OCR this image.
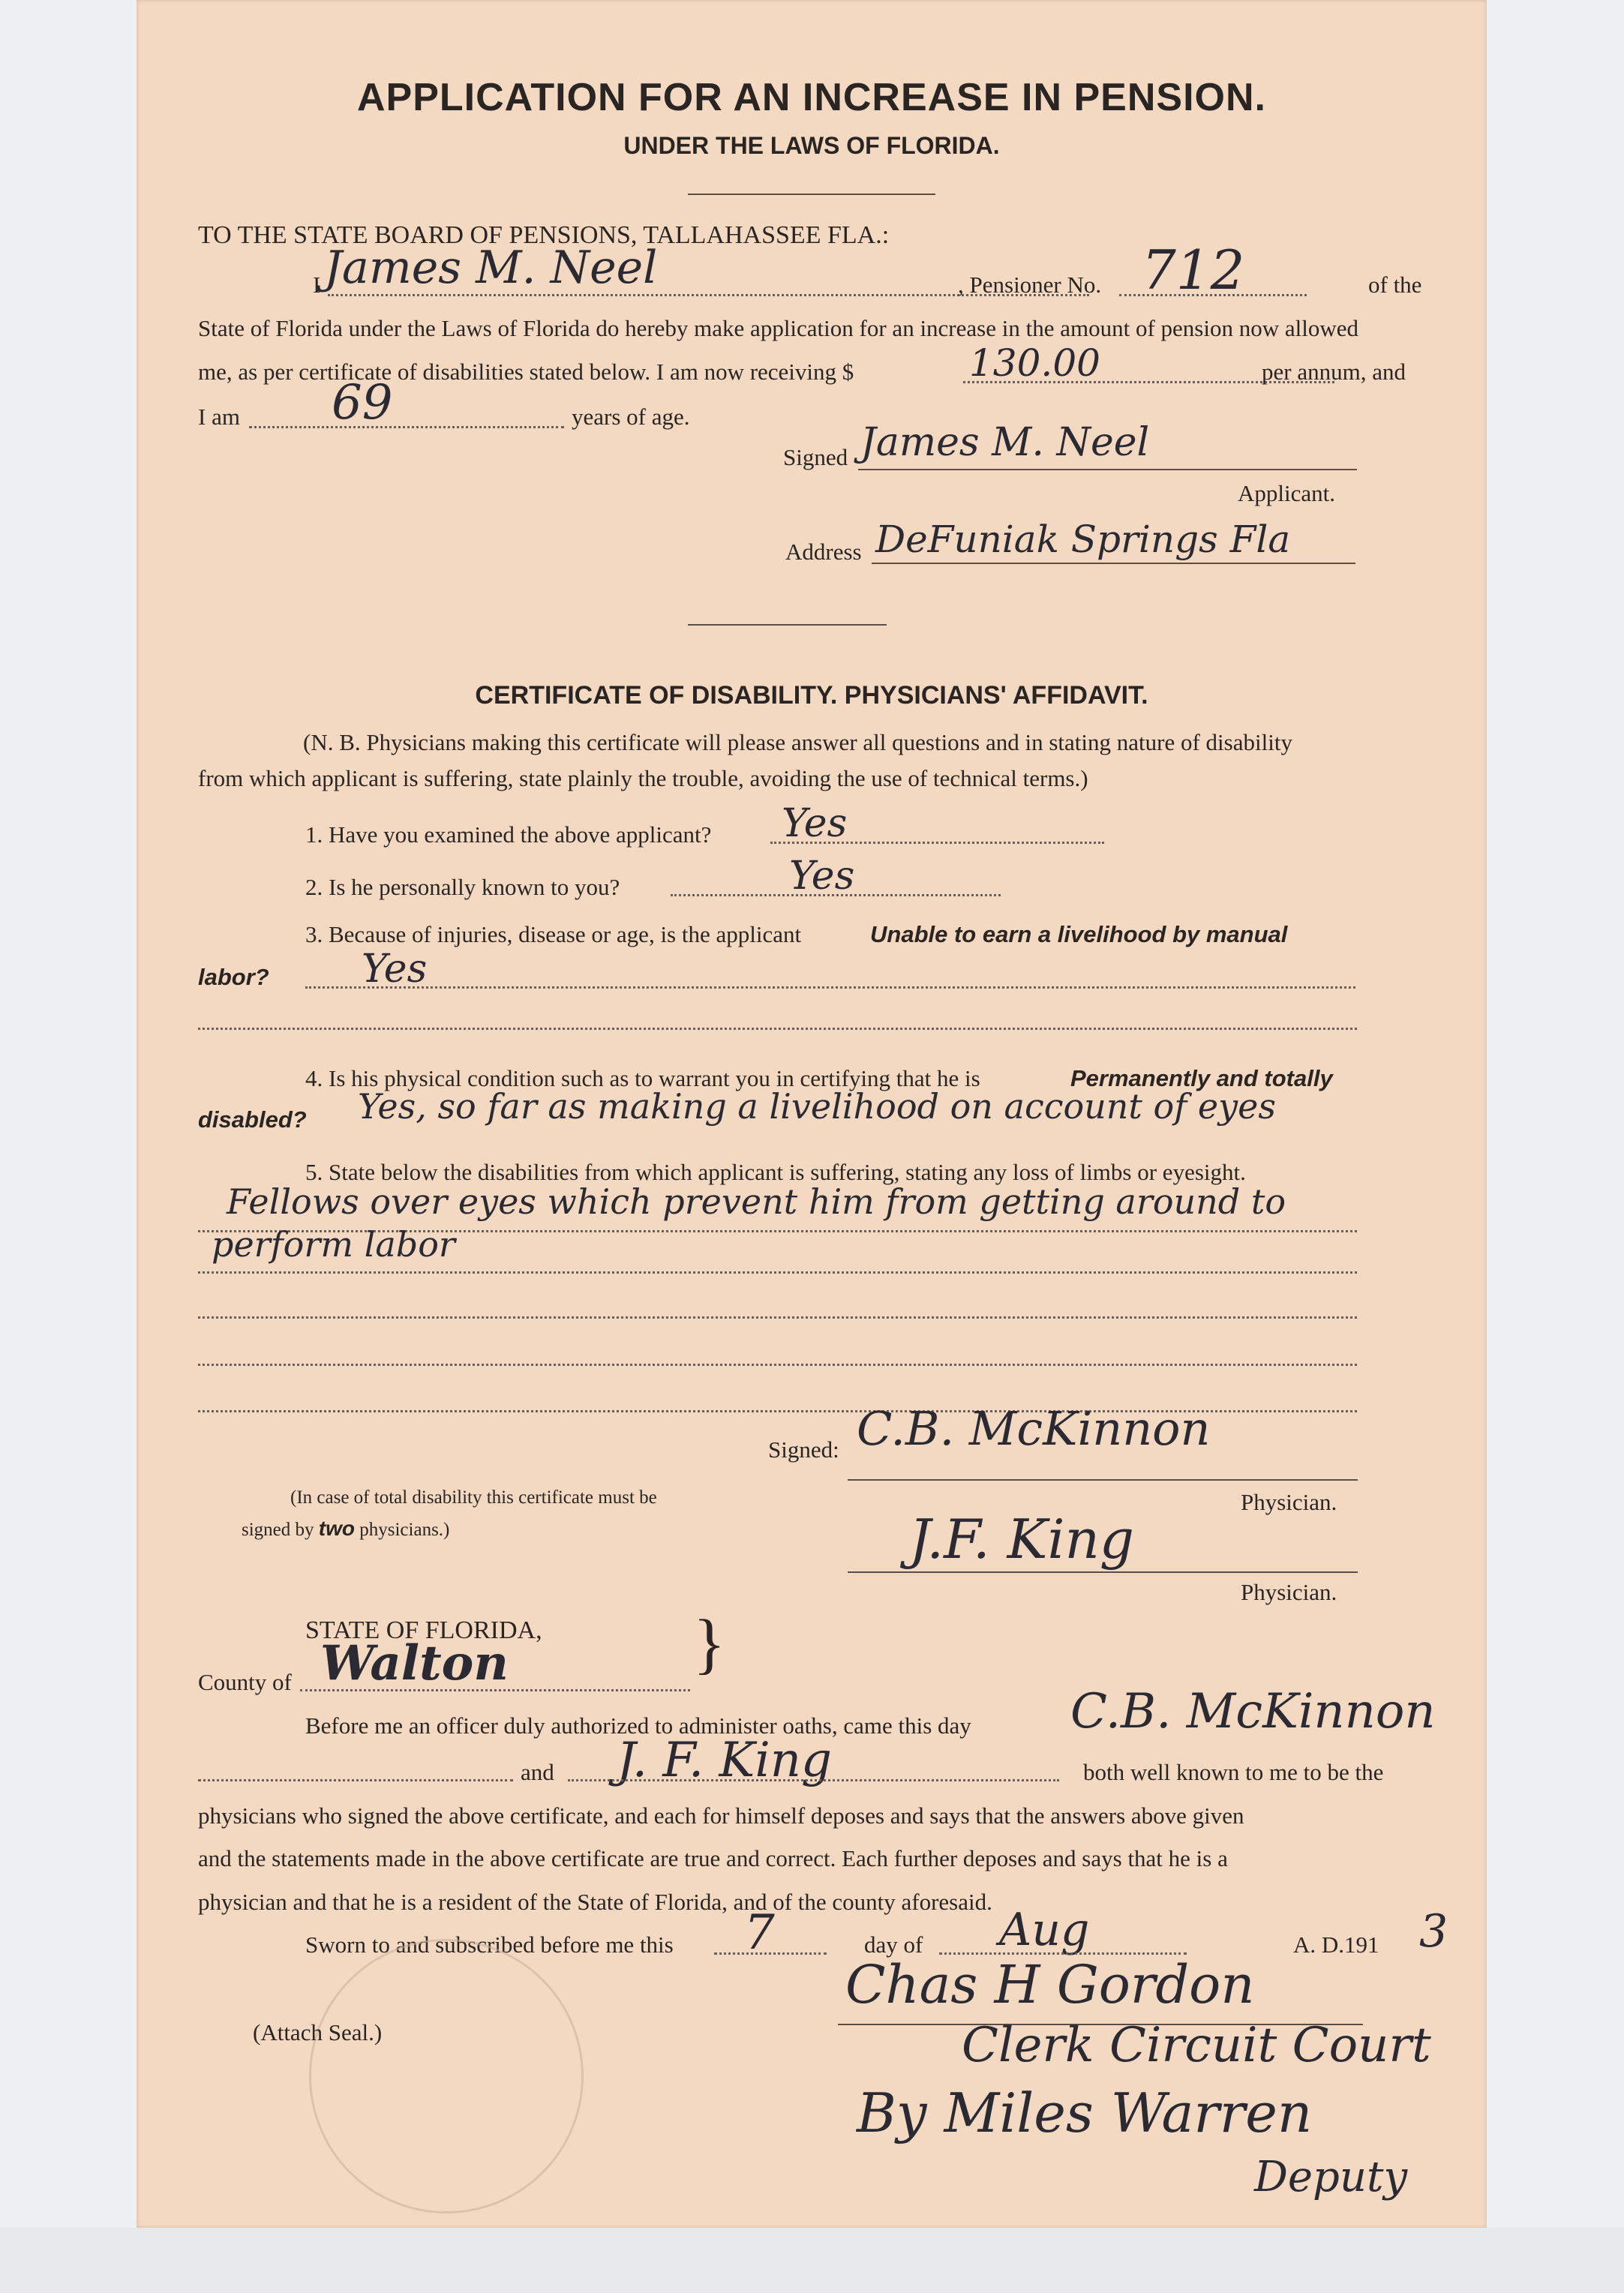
APPLICATION FOR AN INCREASE IN PENSION.
UNDER THE LAWS OF FLORIDA.
TO THE STATE BOARD OF PENSIONS, TALLAHASSEE FLA.:
I James M. Neel	, Pensioner No. 712	of the
State of Florida under the Laws of Florida do hereby make application for an increase in the amount of pension now allowed
me, as per certificate of disabilities stated below. I am now receiving $	130.00	per annum, and
I am 69	years of age.
Signed James M. Neel
Applicant.
Address DeFuniak Springs Fla
CERTIFICATE OF DISABILITY. PHYSICIANS' AFFIDAVIT.
(N. B. Physicians making this certificate will please answer all questions and in stating nature of disability
from which applicant is suffering, state plainly the trouble, avoiding the use of technical terms.)
1. Have you examined the above applicant? Yes
2. Is he personally known to you?	Yes
3. Because of injuries, disease or age, is the applicant	Unable to earn a livelihood by manual
labor? Yes
4. Is his physical condition such as to warrant you in certifying that he is	Permanently and totally
disabled? Yes, so far as making a livelihood on account of eyes
5. State below the disabilities from which applicant is suffering, stating any loss of limbs or eyesight.
Fellows over eyes which prevent him from getting around to
perform labor
Signed: C.B. McKinnon
Physician.
(In case of total disability this certificate must be
signed by two physicians.)	J.F. King
Physician.
STATE OF FLORIDA, }
County of Walton
Before me an officer duly authorized to administer oaths, came this day C.B. McKinnon
and J. F. King	both well known to me to be the
physicians who signed the above certificate, and each for himself deposes and says that the answers above given
and the statements made in the above certificate are true and correct. Each further deposes and says that he is a
physician and that he is a resident of the State of Florida, and of the county aforesaid.
Sworn to and subscribed before me this 7	day of Aug	A. D.191 3
(Attach Seal.)
Chas H Gordon
Clerk Circuit Court
By Miles Warren
Deputy
